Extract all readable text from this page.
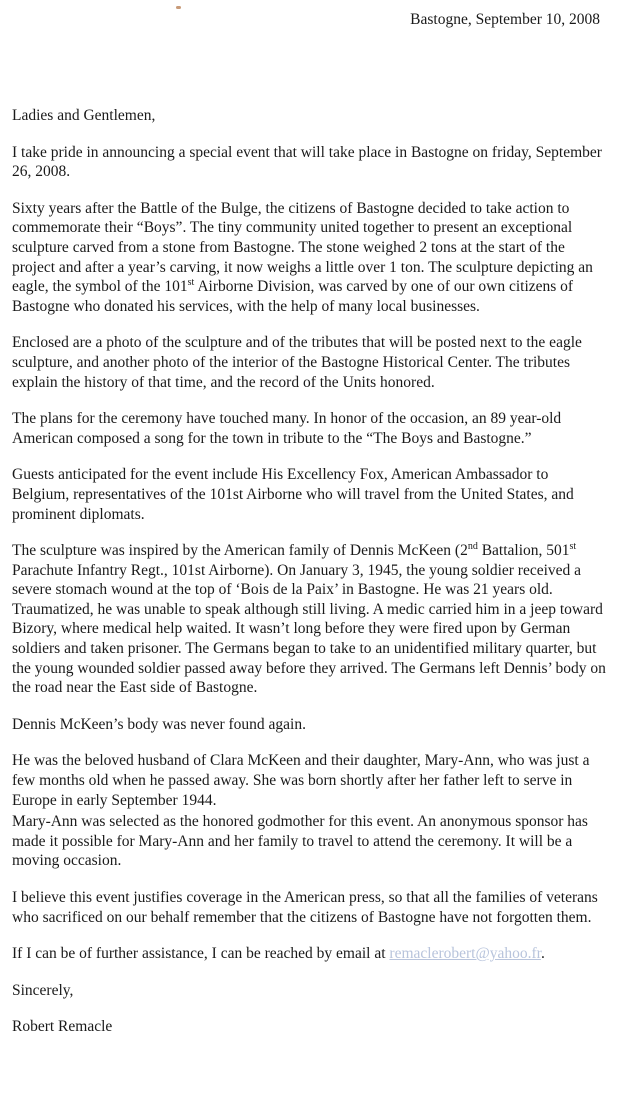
Bastogne, September 10, 2008

Ladies and Gentlemen,

I take pride in announcing a special event that will take place in Bastogne on friday, September 26, 2008.

Sixty years after the Battle of the Bulge, the citizens of Bastogne decided to take action to commemorate their “Boys”. The tiny community united together to present an exceptional sculpture carved from a stone from Bastogne. The stone weighed 2 tons at the start of the project and after a year’s carving, it now weighs a little over 1 ton. The sculpture depicting an eagle, the symbol of the 101st Airborne Division, was carved by one of our own citizens of Bastogne who donated his services, with the help of many local businesses.

Enclosed are a photo of the sculpture and of the tributes that will be posted next to the eagle sculpture, and another photo of the interior of the Bastogne Historical Center. The tributes explain the history of that time, and the record of the Units honored.

The plans for the ceremony have touched many. In honor of the occasion, an 89 year-old American composed a song for the town in tribute to the “The Boys and Bastogne.”

Guests anticipated for the event include His Excellency Fox, American Ambassador to Belgium, representatives of the 101st Airborne who will travel from the United States, and prominent diplomats.

The sculpture was inspired by the American family of Dennis McKeen (2nd Battalion, 501st Parachute Infantry Regt., 101st Airborne). On January 3, 1945, the young soldier received a severe stomach wound at the top of ‘Bois de la Paix’ in Bastogne. He was 21 years old. Traumatized, he was unable to speak although still living. A medic carried him in a jeep toward Bizory, where medical help waited. It wasn’t long before they were fired upon by German soldiers and taken prisoner. The Germans began to take to an unidentified military quarter, but the young wounded soldier passed away before they arrived. The Germans left Dennis’ body on the road near the East side of Bastogne.

Dennis McKeen’s body was never found again.

He was the beloved husband of Clara McKeen and their daughter, Mary-Ann, who was just a few months old when he passed away. She was born shortly after her father left to serve in Europe in early September 1944.

Mary-Ann was selected as the honored godmother for this event. An anonymous sponsor has made it possible for Mary-Ann and her family to travel to attend the ceremony. It will be a moving occasion.

I believe this event justifies coverage in the American press, so that all the families of veterans who sacrificed on our behalf remember that the citizens of Bastogne have not forgotten them.

If I can be of further assistance, I can be reached by email at remaclerobert@yahoo.fr.

Sincerely,

Robert Remacle
